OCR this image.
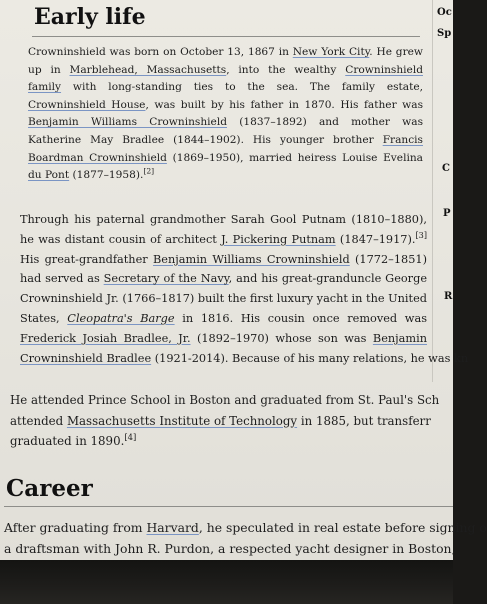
Oc
Sp
C
P
R
Early life
Crowninshield was born on October 13, 1867 in New York City. He grew
up in Marblehead, Massachusetts, into the wealthy Crowninshield
family with long-standing ties to the sea. The family estate,
Crowninshield House, was built by his father in 1870. His father was
Benjamin Williams Crowninshield (1837–1892) and mother was
Katherine May Bradlee (1844–1902). His younger brother Francis
Boardman Crowninshield (1869–1950), married heiress Louise Evelina
du Pont (1877–1958).[2]
Through his paternal grandmother Sarah Gool Putnam (1810–1880),
he was distant cousin of architect J. Pickering Putnam (1847–1917).[3]
His great-grandfather Benjamin Williams Crowninshield (1772–1851)
had served as Secretary of the Navy, and his great-granduncle George
Crowninshield Jr. (1766–1817) built the first luxury yacht in the United
States, Cleopatra's Barge in 1816. His cousin once removed was
Frederick Josiah Bradlee, Jr. (1892–1970) whose son was Benjamin
Crowninshield Bradlee (1921-2014). Because of his many relations, he was kn
He attended Prince School in Boston and graduated from St. Paul's Sch
attended Massachusetts Institute of Technology in 1885, but transferr
graduated in 1890.[4]
Career
After graduating from Harvard, he speculated in real estate before signing o
a draftsman with John R. Purdon, a respected yacht designer in Boston,
